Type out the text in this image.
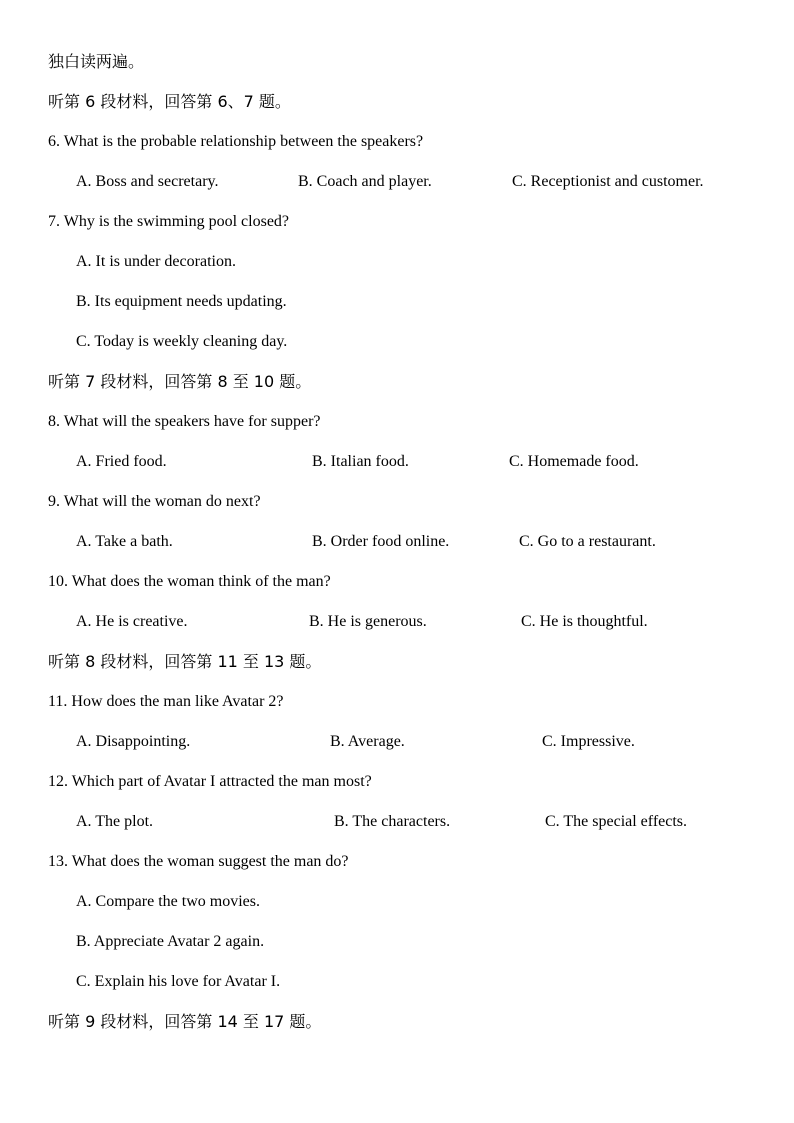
独白读两遍。
听第 6 段材料，回答第 6、7 题。
6. What is the probable relationship between the speakers?
A. Boss and secretary.	B. Coach and player.	C. Receptionist and customer.
7. Why is the swimming pool closed?
A. It is under decoration.
B. Its equipment needs updating.
C. Today is weekly cleaning day.
听第 7 段材料，回答第 8 至 10 题。
8. What will the speakers have for supper?
A. Fried food.	B. Italian food.	C. Homemade food.
9. What will the woman do next?
A. Take a bath.	B. Order food online.	C. Go to a restaurant.
10. What does the woman think of the man?
A. He is creative.	B. He is generous.	C. He is thoughtful.
听第 8 段材料，回答第 11 至 13 题。
11. How does the man like Avatar 2?
A. Disappointing.	B. Average.	C. Impressive.
12. Which part of Avatar I attracted the man most?
A. The plot.	B. The characters.	C. The special effects.
13. What does the woman suggest the man do?
A. Compare the two movies.
B. Appreciate Avatar 2 again.
C. Explain his love for Avatar I.
听第 9 段材料，回答第 14 至 17 题。
